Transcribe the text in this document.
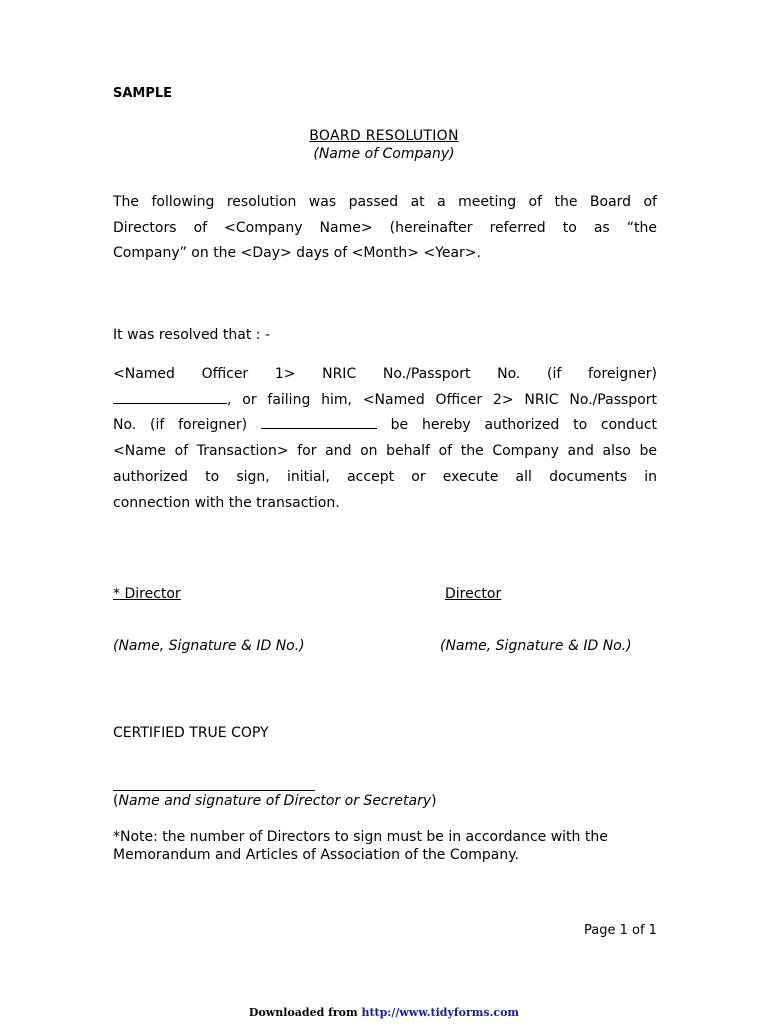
SAMPLE
BOARD RESOLUTION
(Name of Company)
The following resolution was passed at a meeting of the Board of
Directors of <Company Name> (hereinafter referred to as “the
Company” on the <Day> days of <Month> <Year>.
It was resolved that : -
<Named Officer 1> NRIC No./Passport No. (if foreigner)
, or failing him, <Named Officer 2> NRIC No./Passport
No. (if foreigner)	be hereby authorized to conduct
<Name of Transaction> for and on behalf of the Company and also be
authorized to sign, initial, accept or execute all documents in
connection with the transaction.
* Director	Director
(Name, Signature & ID No.)	(Name, Signature & ID No.)
CERTIFIED TRUE COPY
(Name and signature of Director or Secretary)
*Note: the number of Directors to sign must be in accordance with the
Memorandum and Articles of Association of the Company.
Page 1 of 1
Downloaded from http://www.tidyforms.com
